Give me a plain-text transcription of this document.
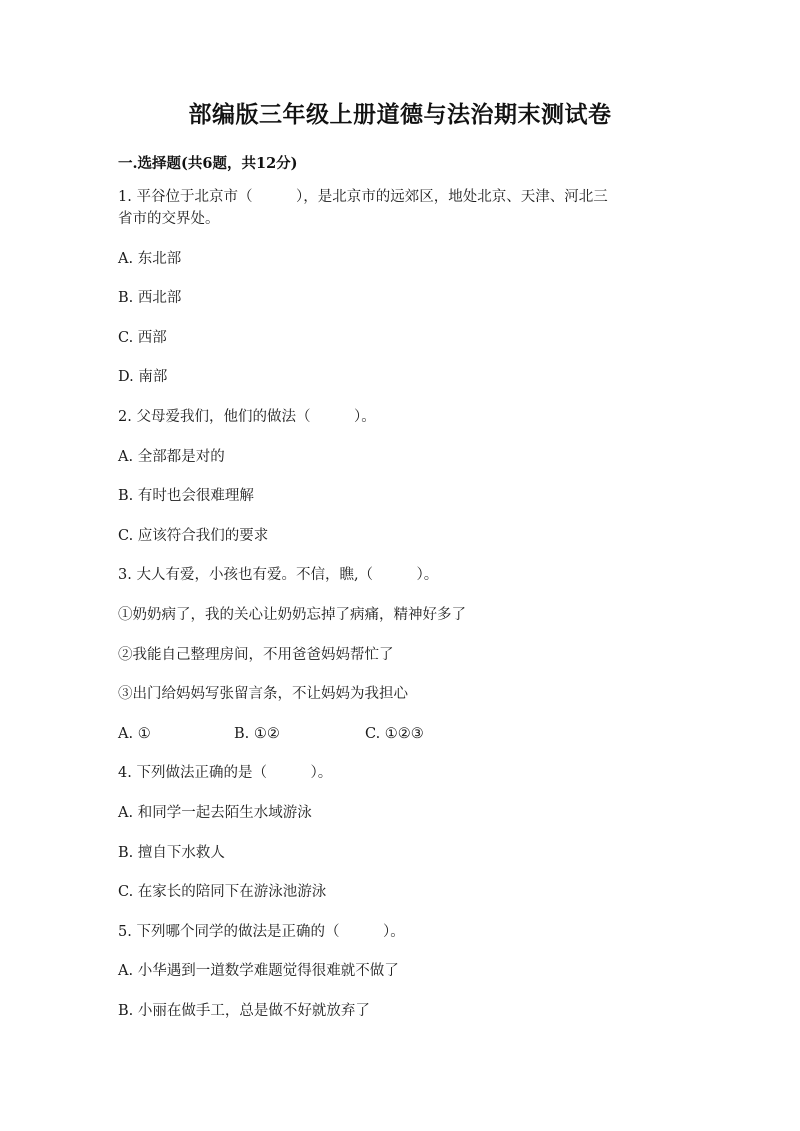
部编版三年级上册道德与法治期末测试卷
一.选择题(共6题，共12分)
1. 平谷位于北京市（　　　），是北京市的远郊区，地处北京、天津、河北三
省市的交界处。
A. 东北部
B. 西北部
C. 西部
D. 南部
2. 父母爱我们，他们的做法（　　　）。
A. 全部都是对的
B. 有时也会很难理解
C. 应该符合我们的要求
3. 大人有爱，小孩也有爱。不信，瞧,（　　　）。
①奶奶病了，我的关心让奶奶忘掉了病痛，精神好多了
②我能自己整理房间，不用爸爸妈妈帮忙了
③出门给妈妈写张留言条，不让妈妈为我担心
A. ①	B. ①②	C. ①②③
4. 下列做法正确的是（　　　）。
A. 和同学一起去陌生水域游泳
B. 擅自下水救人
C. 在家长的陪同下在游泳池游泳
5. 下列哪个同学的做法是正确的（　　　）。
A. 小华遇到一道数学难题觉得很难就不做了
B. 小丽在做手工，总是做不好就放弃了
